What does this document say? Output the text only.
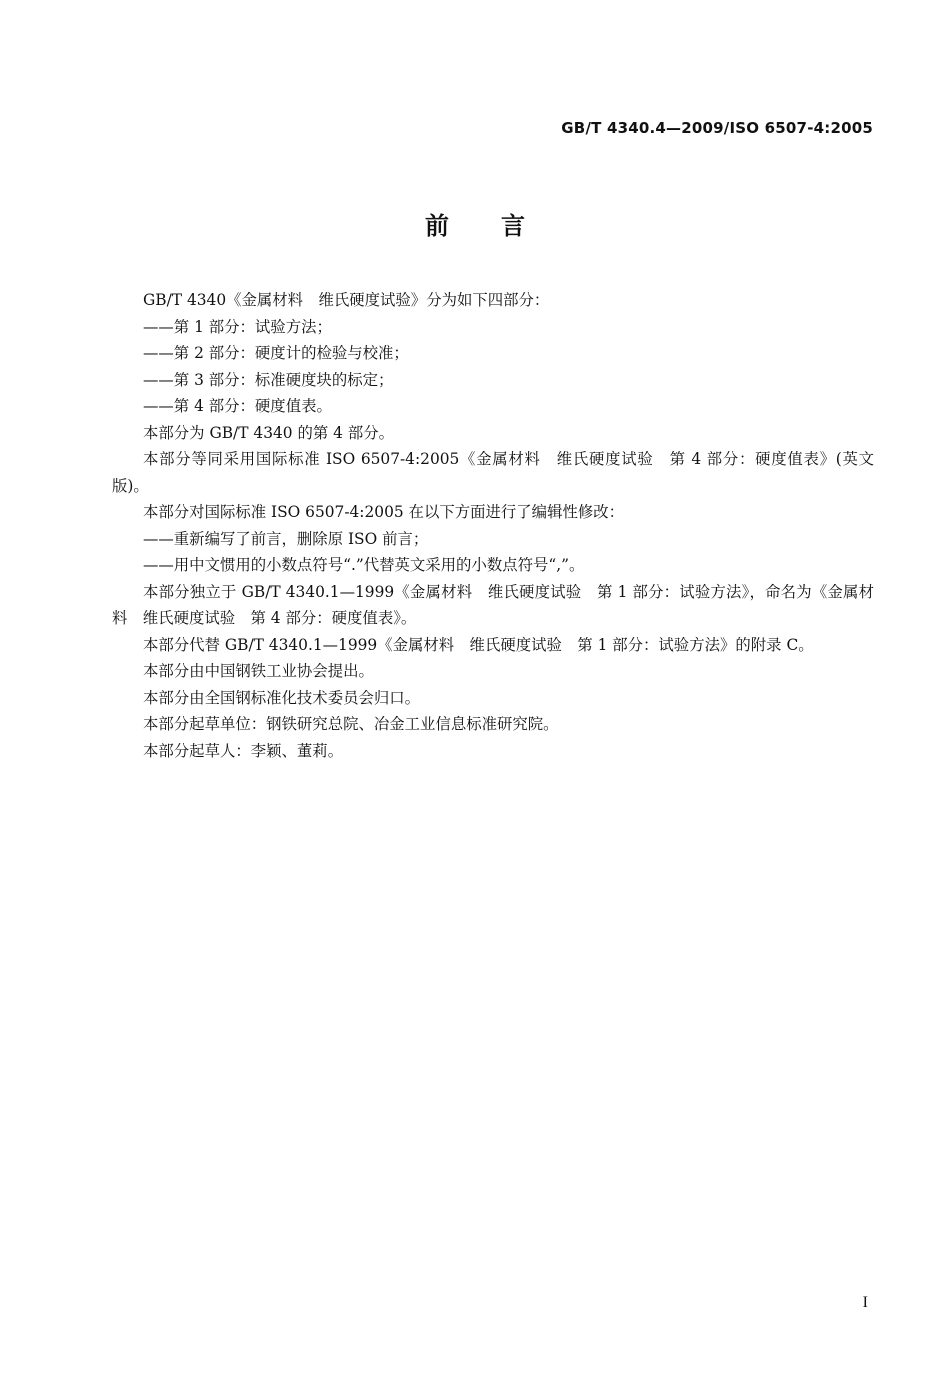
GB/T 4340.4—2009/ISO 6507-4:2005
前 言

GB/T 4340《金属材料　维氏硬度试验》分为如下四部分：

——第 1 部分：试验方法；

——第 2 部分：硬度计的检验与校准；

——第 3 部分：标准硬度块的标定；

——第 4 部分：硬度值表。

本部分为 GB/T 4340 的第 4 部分。

本部分等同采用国际标准 ISO 6507-4:2005《金属材料　维氏硬度试验　第 4 部分：硬度值表》(英文版)。

本部分对国际标准 ISO 6507-4:2005 在以下方面进行了编辑性修改：

——重新编写了前言，删除原 ISO 前言；

——用中文惯用的小数点符号“.”代替英文采用的小数点符号“,”。

本部分独立于 GB/T 4340.1—1999《金属材料　维氏硬度试验　第 1 部分：试验方法》，命名为《金属材料　维氏硬度试验　第 4 部分：硬度值表》。

本部分代替 GB/T 4340.1—1999《金属材料　维氏硬度试验　第 1 部分：试验方法》的附录 C。

本部分由中国钢铁工业协会提出。

本部分由全国钢标准化技术委员会归口。

本部分起草单位：钢铁研究总院、冶金工业信息标准研究院。

本部分起草人：李颖、董莉。

I
